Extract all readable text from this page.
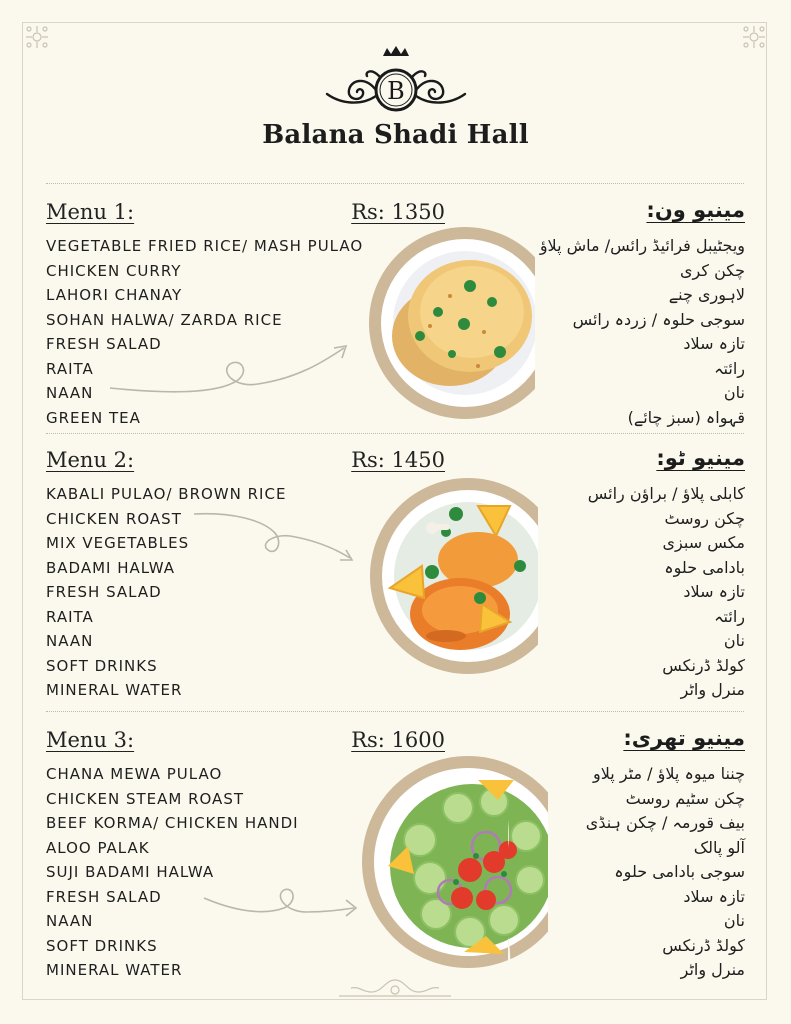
B
Balana Shadi Hall
Menu 1:	Rs: 1350	مینیو ون:
VEGETABLE FRIED RICE/ MASH PULAO
CHICKEN CURRY
LAHORI CHANAY
SOHAN HALWA/ ZARDA RICE
FRESH SALAD
RAITA
NAAN
GREEN TEA
ویجٹیبل فرائیڈ رائس/ ماش پلاؤ
چکن کری
لاہوری چنے
سوجی حلوہ / زردہ رائس
تازہ سلاد
رائتہ
نان
قہواہ (سبز چائے)
Menu 2:	Rs: 1450	مینیو ٹو:
KABALI PULAO/ BROWN RICE
CHICKEN ROAST
MIX VEGETABLES
BADAMI HALWA
FRESH SALAD
RAITA
NAAN
SOFT DRINKS
MINERAL WATER
کابلی پلاؤ / براؤن رائس
چکن روسٹ
مکس سبزی
بادامی حلوہ
تازہ سلاد
رائتہ
نان
کولڈ ڈرنکس
منرل واٹر
Menu 3:	Rs: 1600	مینیو تھری:
CHANA MEWA PULAO
CHICKEN STEAM ROAST
BEEF KORMA/ CHICKEN HANDI
ALOO PALAK
SUJI BADAMI HALWA
FRESH SALAD
NAAN
SOFT DRINKS
MINERAL WATER
چننا میوہ پلاؤ / مٹر پلاو
چکن سٹیم روسٹ
بیف قورمہ / چکن ہنڈی
آلو پالک
سوجی بادامی حلوہ
تازہ سلاد
نان
کولڈ ڈرنکس
منرل واٹر
